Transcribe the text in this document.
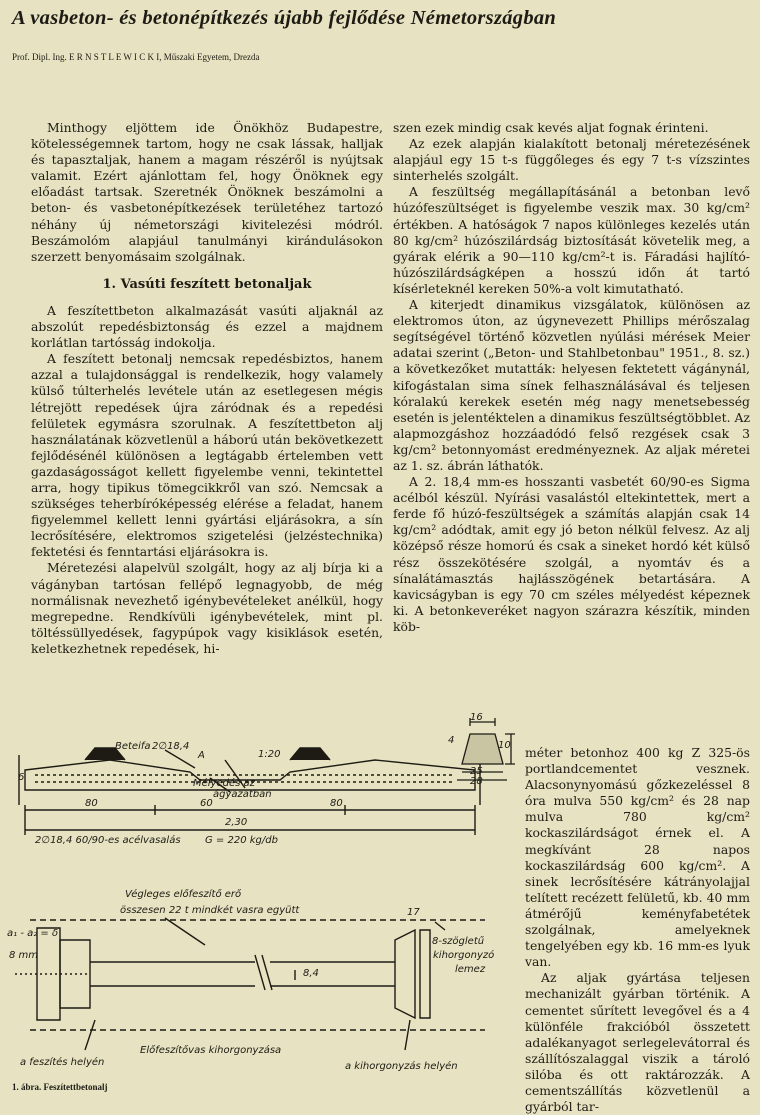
A vasbeton- és betonépítkezés újabb fejlődése Németországban
Prof. Dipl. Ing. E R N S T L E W I C K I, Műszaki Egyetem, Drezda

Minthogy eljöttem ide Önökhöz Budapestre, kötelességemnek tartom, hogy ne csak lássak, halljak és tapasztaljak, hanem a magam részéről is nyújtsak valamit. Ezért ajánlottam fel, hogy Önöknek egy előadást tartsak. Szeretnék Önöknek beszámolni a beton- és vasbetonépítkezések területéhez tartozó néhány új németországi kivitelezési módról. Beszámolóm alapjául tanulmányi kirándulásokon szerzett benyomásaim szolgálnak.

1. Vasúti feszített betonaljak

A feszítettbeton alkalmazását vasúti aljaknál az abszolút repedésbiztonság és ezzel a majdnem korlátlan tartósság indokolja.

A feszített betonalj nemcsak repedésbiztos, hanem azzal a tulajdonsággal is rendelkezik, hogy valamely külső túlterhelés levétele után az esetlegesen mégis létrejött repedések újra záródnak és a repedési felületek egymásra szorulnak. A feszítettbeton alj használatának közvetlenül a háború után bekövetkezett fejlődésénél különösen a legtágabb értelemben vett gazdaságosságot kellett figyelembe venni, tekintettel arra, hogy tipikus tömegcikkről van szó. Nemcsak a szükséges teherbíróképesség elérése a feladat, hanem figyelemmel kellett lenni gyártási eljárásokra, a sín lecrősítésére, elektromos szigetelési (jelzéstechnika) fektetési és fenntartási eljárásokra is.

Méretezési alapelvül szolgált, hogy az alj bírja ki a vágányban tartósan fellépő legnagyobb, de még normálisnak nevezhető igénybevételeket anélkül, hogy megrepedne. Rendkívüli igénybevételek, mint pl. töltéssüllyedések, fagypúpok vagy kisiklások esetén, keletkezhetnek repedések, hi-

szen ezek mindig csak kevés aljat fognak érinteni.

Az ezek alapján kialakított betonalj méretezésének alapjául egy 15 t-s függőleges és egy 7 t-s vízszintes sinterhelés szolgált.

A feszültség megállapításánál a betonban levő húzófeszültséget is figyelembe veszik max. 30 kg/cm² értékben. A hatóságok 7 napos különleges kezelés után 80 kg/cm² húzószilárdság biztosítását követelik meg, a gyárak elérik a 90—110 kg/cm²-t is. Fáradási hajlító-húzószilárdságképen a hosszú időn át tartó kísérleteknél kereken 50%-a volt kimutatható.

A kiterjedt dinamikus vizsgálatok, különösen az elektromos úton, az úgynevezett Phillips mérőszalag segítségével történő közvetlen nyúlási mérések Meier adatai szerint („Beton- und Stahlbetonbau" 1951., 8. sz.) a következőket mutatták: helyesen fektetett vágánynál, kifogástalan sima sínek felhasználásával és teljesen kóralakú kerekek esetén még nagy menetsebesség esetén is jelentéktelen a dinamikus feszültségtöbblet. Az alapmozgáshoz hozzáadódó felső rezgések csak 3 kg/cm² betonnyomást eredményeznek. Az aljak méretei az 1. sz. ábrán láthatók.

A 2. 18,4 mm-es hosszanti vasbetét 60/90-es Sigma acélból készül. Nyírási vasalástól eltekintettek, mert a ferde fő húzó-feszültségek a számítás alapján csak 14 kg/cm² adódtak, amit egy jó beton nélkül felvesz. Az alj középső része homorú és csak a sineket hordó két külső rész összekötésére szolgál, a nyomtáv és a sínalátámasztás hajlásszögének betartására. A kavicságyban is egy 70 cm széles mélyedést képeznek ki. A betonkeveréket nagyon szárazra készítik, minden köb-

méter betonhoz 400 kg Z 325-ös portlandcementet vesznek. Alacsonynyomású gőzkezeléssel 8 óra mulva 550 kg/cm² és 28 nap mulva 780 kg/cm² kockaszilárdságot érnek el. A megkívánt 28 napos kockaszilárdság 600 kg/cm². A sinek lecrősítésére kátrányolajjal telített recézett felületű, kb. 40 mm átmérőjű keményfabetétek szolgálnak, amelyeknek tengelyében egy kb. 16 mm-es lyuk van.

Az aljak gyártása teljesen mechanizált gyárban történik. A cementet sűrített levegővel és a 4 különféle frakcióból összetett adalékanyagot serlegelevátorral és szállítószalaggal viszik a tároló silóba és ott raktározzák. A cementszállítás közvetlenül a gyárból tar-

Beteifa 2∅18,4
A	1:20
6
Mélyedés az
ágyazatban
80	60	80
2,30
2∅18,4 60/90-es acélvasalás G = 220 kg/db
16
4	10
25
28
Végleges előfeszítő erő
összesen 22 t mindkét vasra együtt
a₁ - a₂ = δ
8 mm
8,4
17
8-szögletű
kihorgonyzó
lemez
a feszítés helyén
Előfeszítővas kihorgonyzása
a kihorgonyzás helyén
1. ábra. Feszítettbetonalj
